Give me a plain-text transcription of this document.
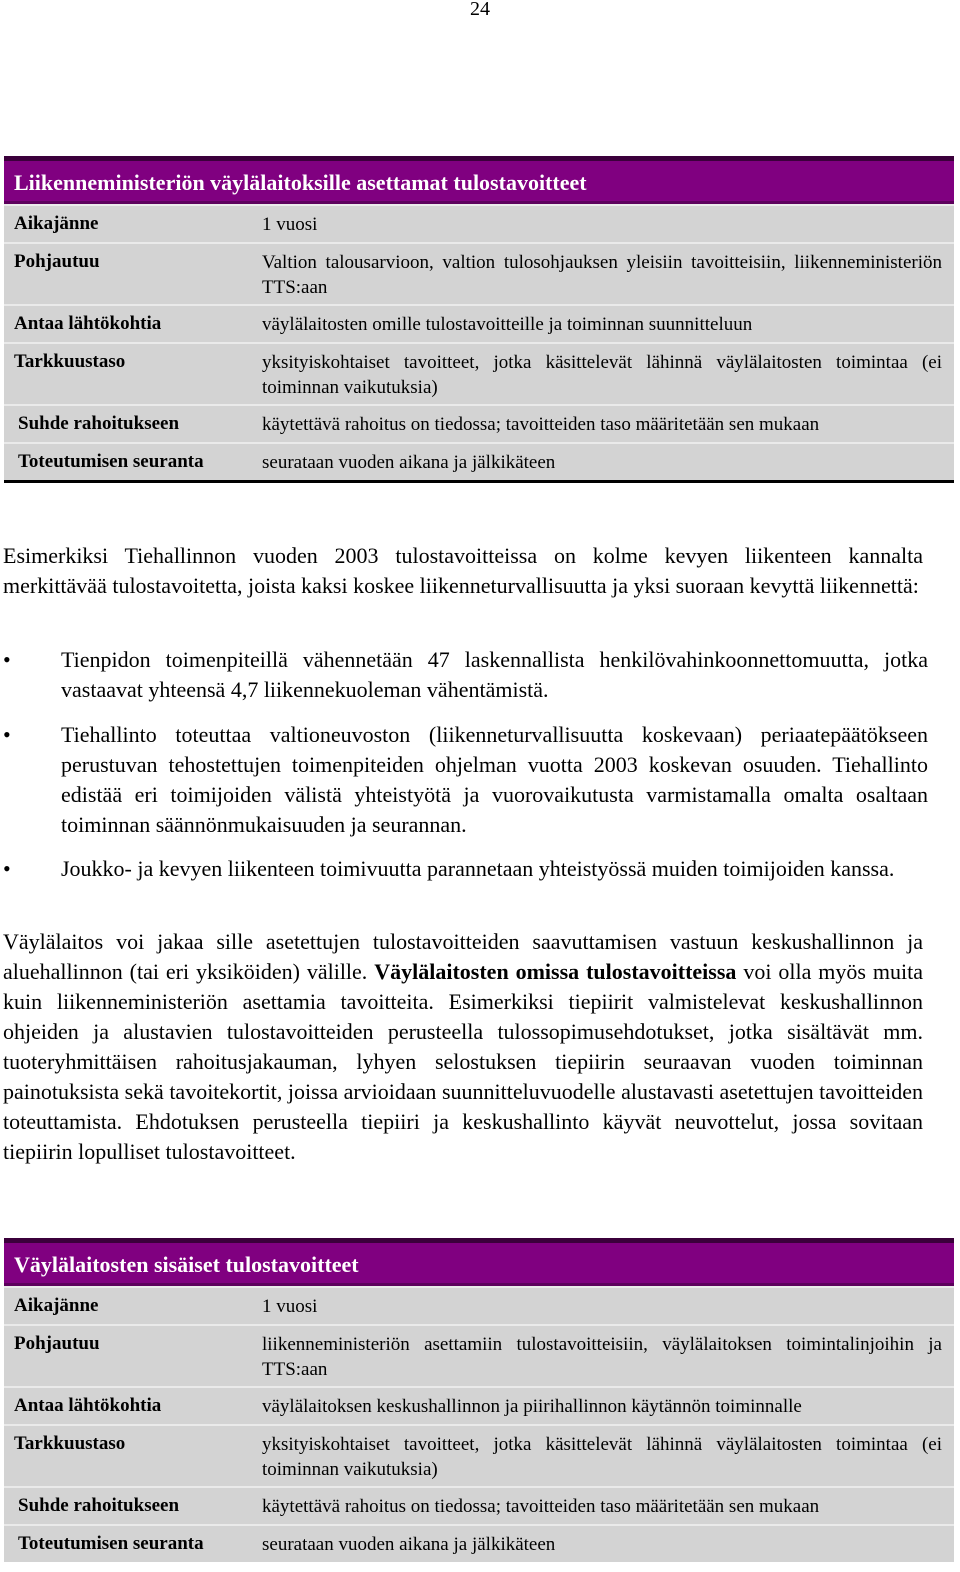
24
Liikenneministeriön väylälaitoksille asettamat tulostavoitteet
Aikajänne	1 vuosi
Pohjautuu	Valtion talousarvioon, valtion tulosohjauksen yleisiin tavoitteisiin, liikenneministeriön TTS:aan
Antaa lähtökohtia	väylälaitosten omille tulostavoitteille ja toiminnan suunnitteluun
Tarkkuustaso	yksityiskohtaiset tavoitteet, jotka käsittelevät lähinnä väylälaitosten toimintaa (ei toiminnan vaikutuksia)
Suhde rahoitukseen	käytettävä rahoitus on tiedossa; tavoitteiden taso määritetään sen mukaan
Toteutumisen seuranta	seurataan vuoden aikana ja jälkikäteen
Esimerkiksi Tiehallinnon vuoden 2003 tulostavoitteissa on kolme kevyen liikenteen kannalta merkittävää tulostavoitetta, joista kaksi koskee liikenneturvallisuutta ja yksi suoraan kevyttä liikennettä:
• Tienpidon toimenpiteillä vähennetään 47 laskennallista henkilövahinkoonnettomuutta, jotka vastaavat yhteensä 4,7 liikennekuoleman vähentämistä.
• Tiehallinto toteuttaa valtioneuvoston (liikenneturvallisuutta koskevaan) periaatepäätökseen perustuvan tehostettujen toimenpiteiden ohjelman vuotta 2003 koskevan osuuden. Tiehallinto edistää eri toimijoiden välistä yhteistyötä ja vuorovaikutusta varmistamalla omalta osaltaan toiminnan säännönmukaisuuden ja seurannan.
• Joukko- ja kevyen liikenteen toimivuutta parannetaan yhteistyössä muiden toimijoiden kanssa.
Väylälaitos voi jakaa sille asetettujen tulostavoitteiden saavuttamisen vastuun keskushallinnon ja aluehallinnon (tai eri yksiköiden) välille. Väylälaitosten omissa tulostavoitteissa voi olla myös muita kuin liikenneministeriön asettamia tavoitteita. Esimerkiksi tiepiirit valmistelevat keskushallinnon ohjeiden ja alustavien tulostavoitteiden perusteella tulossopimusehdotukset, jotka sisältävät mm. tuoteryhmittäisen rahoitusjakauman, lyhyen selostuksen tiepiirin seuraavan vuoden toiminnan painotuksista sekä tavoitekortit, joissa arvioidaan suunnitteluvuodelle alustavasti asetettujen tavoitteiden toteuttamista. Ehdotuksen perusteella tiepiiri ja keskushallinto käyvät neuvottelut, jossa sovitaan tiepiirin lopulliset tulostavoitteet.
Väylälaitosten sisäiset tulostavoitteet
Aikajänne	1 vuosi
Pohjautuu	liikenneministeriön asettamiin tulostavoitteisiin, väylälaitoksen toimintalinjoihin ja TTS:aan
Antaa lähtökohtia	väylälaitoksen keskushallinnon ja piirihallinnon käytännön toiminnalle
Tarkkuustaso	yksityiskohtaiset tavoitteet, jotka käsittelevät lähinnä väylälaitosten toimintaa (ei toiminnan vaikutuksia)
Suhde rahoitukseen	käytettävä rahoitus on tiedossa; tavoitteiden taso määritetään sen mukaan
Toteutumisen seuranta	seurataan vuoden aikana ja jälkikäteen
